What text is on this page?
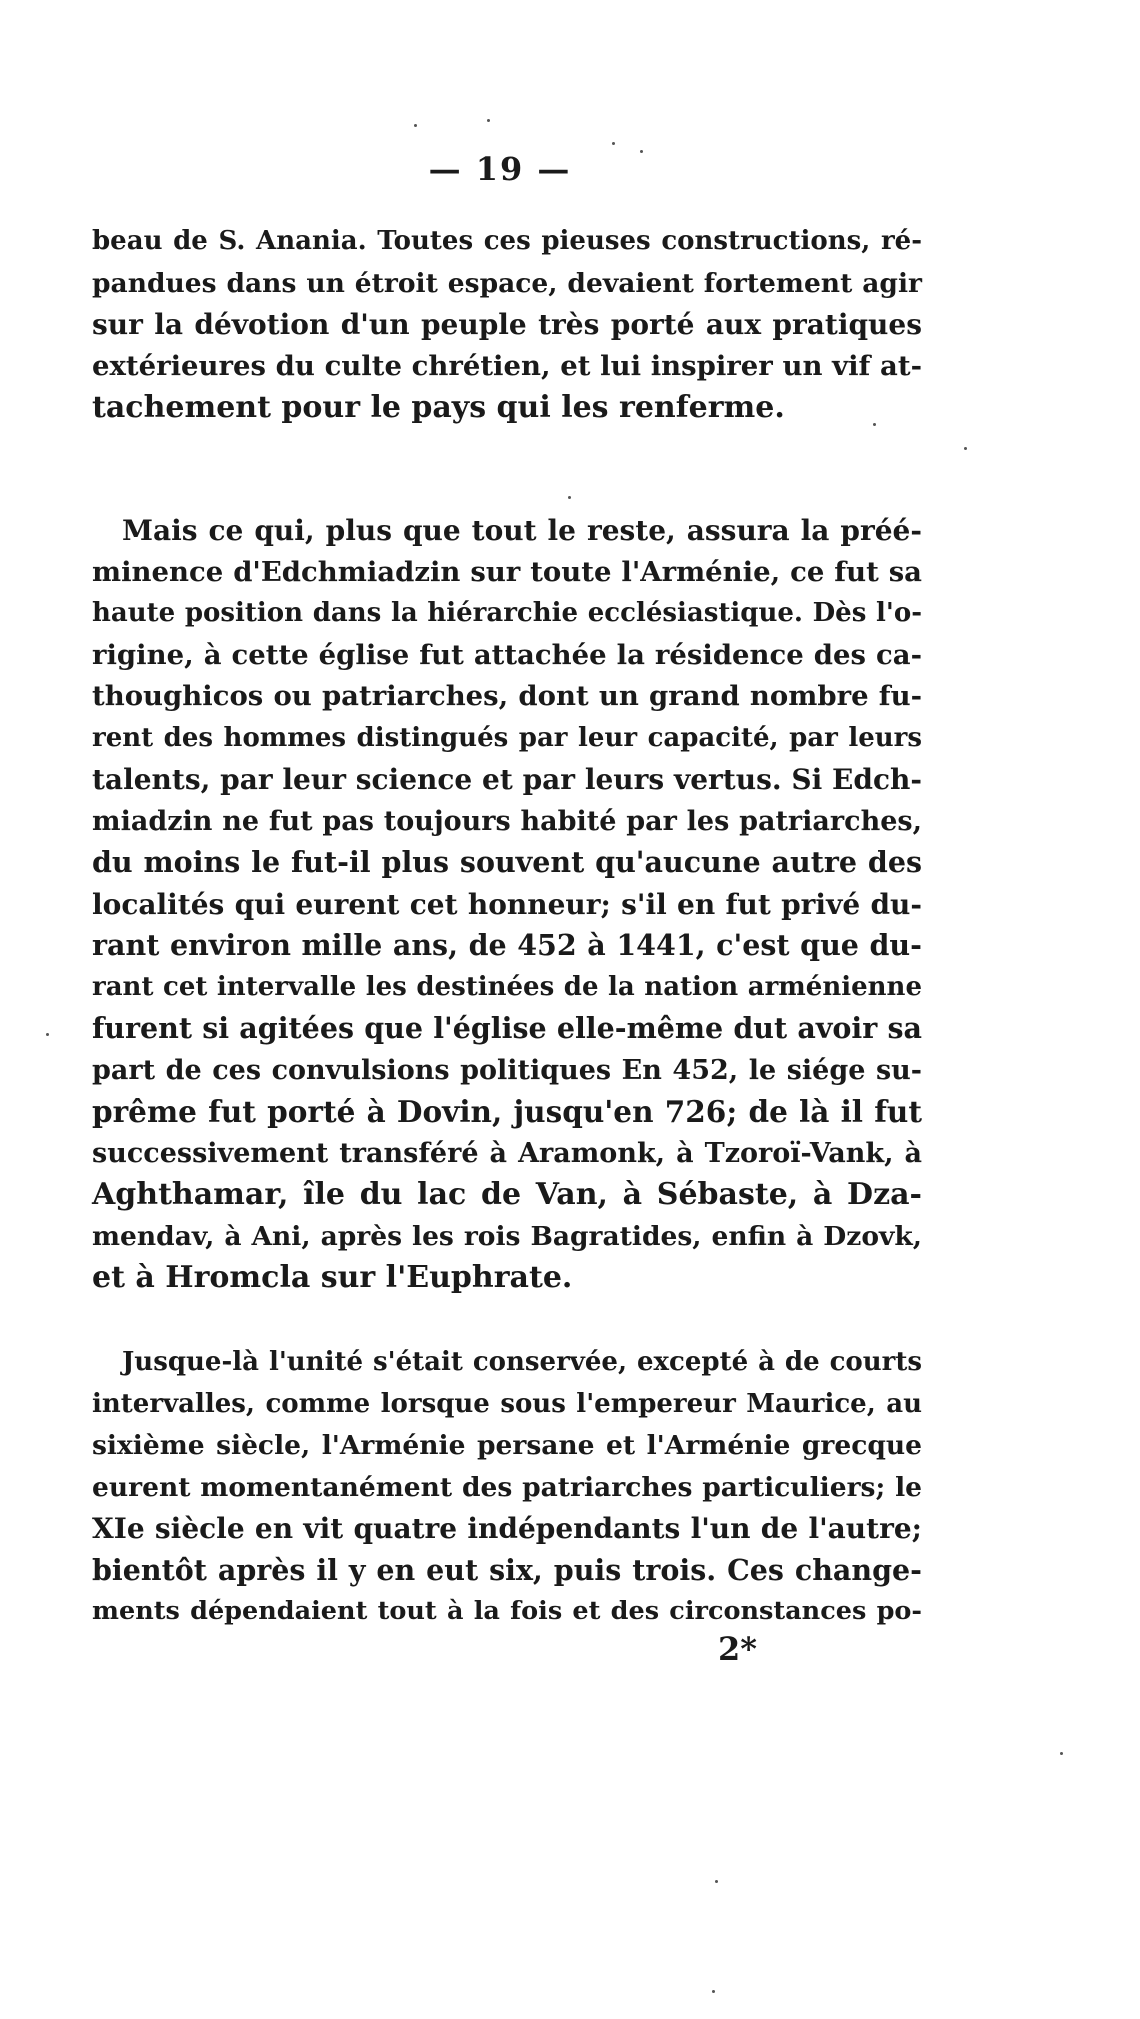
— 19 —
beau de S. Anania. Toutes ces pieuses constructions, ré-
pandues dans un étroit espace, devaient fortement agir
sur la dévotion d'un peuple très porté aux pratiques
extérieures du culte chrétien, et lui inspirer un vif at-
tachement pour le pays qui les renferme.
Mais ce qui, plus que tout le reste, assura la préé-
minence d'Edchmiadzin sur toute l'Arménie, ce fut sa
haute position dans la hiérarchie ecclésiastique. Dès l'o-
rigine, à cette église fut attachée la résidence des ca-
thoughicos ou patriarches, dont un grand nombre fu-
rent des hommes distingués par leur capacité, par leurs
talents, par leur science et par leurs vertus. Si Edch-
miadzin ne fut pas toujours habité par les patriarches,
du moins le fut-il plus souvent qu'aucune autre des
localités qui eurent cet honneur; s'il en fut privé du-
rant environ mille ans, de 452 à 1441, c'est que du-
rant cet intervalle les destinées de la nation arménienne
furent si agitées que l'église elle-même dut avoir sa
part de ces convulsions politiques En 452, le siége su-
prême fut porté à Dovin, jusqu'en 726; de là il fut
successivement transféré à Aramonk, à Tzoroï-Vank, à
Aghthamar, île du lac de Van, à Sébaste, à Dza-
mendav, à Ani, après les rois Bagratides, enfin à Dzovk,
et à Hromcla sur l'Euphrate.
Jusque-là l'unité s'était conservée, excepté à de courts
intervalles, comme lorsque sous l'empereur Maurice, au
sixième siècle, l'Arménie persane et l'Arménie grecque
eurent momentanément des patriarches particuliers; le
XIe siècle en vit quatre indépendants l'un de l'autre;
bientôt après il y en eut six, puis trois. Ces change-
ments dépendaient tout à la fois et des circonstances po-
2*
